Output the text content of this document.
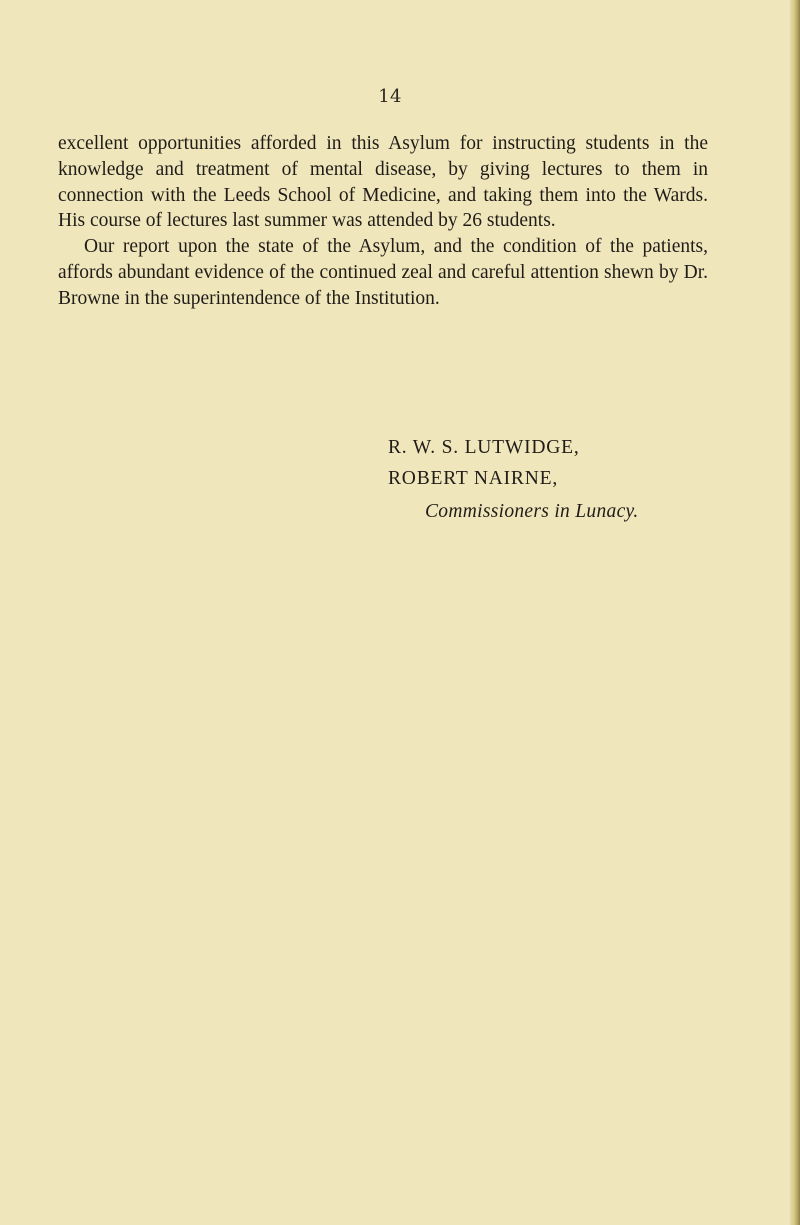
14

excellent opportunities afforded in this Asylum for instructing students in the knowledge and treatment of mental disease, by giving lectures to them in connection with the Leeds School of Medicine, and taking them into the Wards. His course of lectures last summer was attended by 26 students.

Our report upon the state of the Asylum, and the condition of the patients, affords abundant evidence of the continued zeal and careful attention shewn by Dr. Browne in the superintendence of the Institution.

R. W. S. LUTWIDGE,
ROBERT NAIRNE,
Commissioners in Lunacy.
